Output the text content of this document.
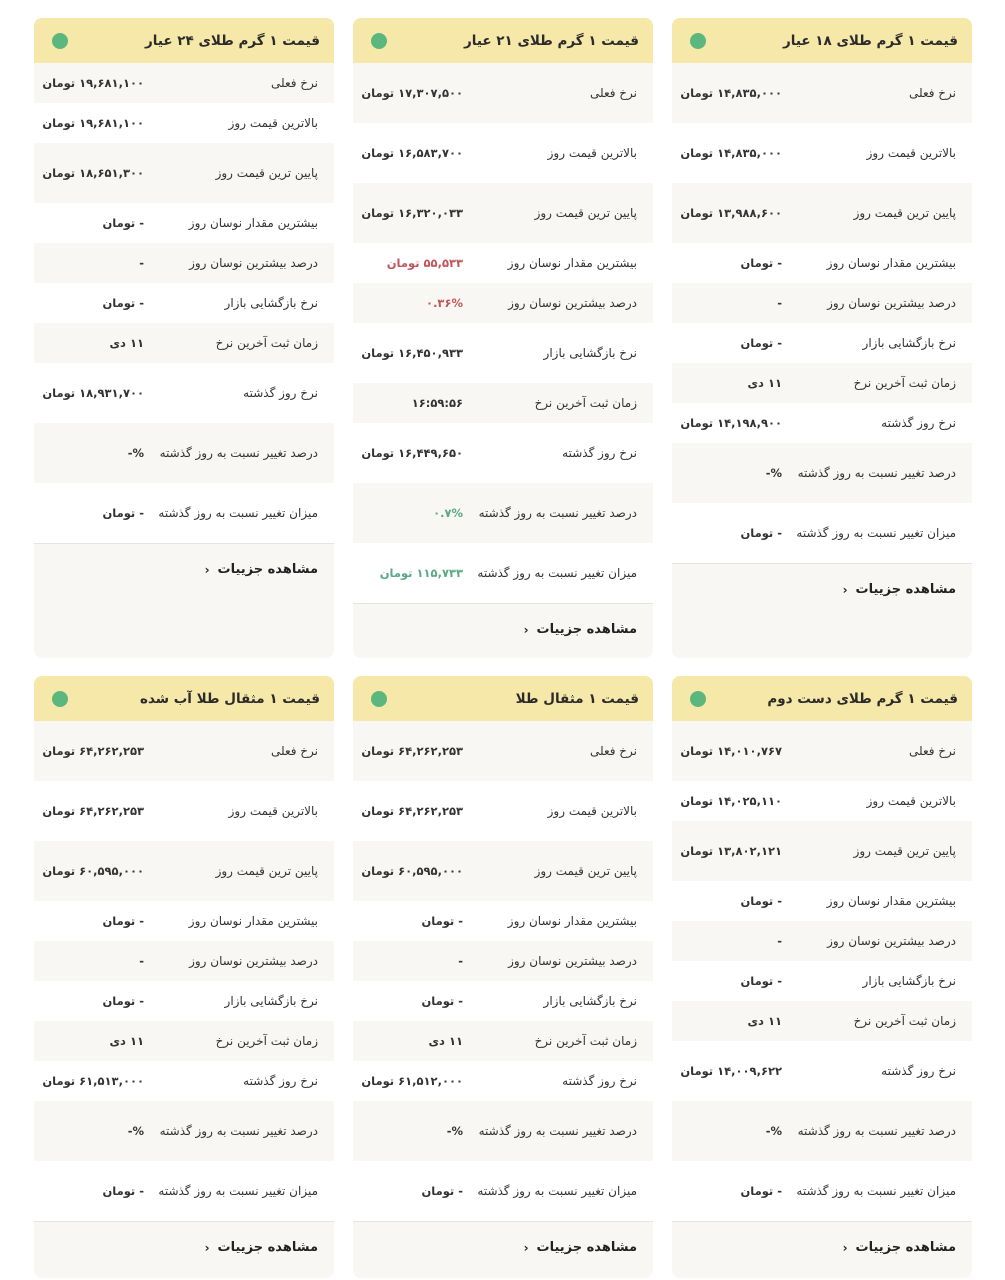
قیمت ۱ گرم طلای ۱۸ عیار
نرخ فعلی
۱۴,۸۳۵,۰۰۰ تومان
بالاترین قیمت روز
۱۴,۸۳۵,۰۰۰ تومان
پایین ترین قیمت روز
۱۳,۹۸۸,۶۰۰ تومان
بیشترین مقدار نوسان روز
- تومان
درصد بیشترین نوسان روز
-
نرخ بازگشایی بازار
- تومان
زمان ثبت آخرین نرخ
۱۱ دی
نرخ روز گذشته
۱۴,۱۹۸,۹۰۰ تومان
درصد تغییر نسبت به روز گذشته
%-
میزان تغییر نسبت به روز گذشته
- تومان
مشاهده جزییات
‹
قیمت ۱ گرم طلای ۲۱ عیار
نرخ فعلی
۱۷,۳۰۷,۵۰۰ تومان
بالاترین قیمت روز
۱۶,۵۸۳,۷۰۰ تومان
پایین ترین قیمت روز
۱۶,۳۲۰,۰۳۳ تومان
بیشترین مقدار نوسان روز
۵۵,۵۳۳ تومان
درصد بیشترین نوسان روز
۰.۳۶%
نرخ بازگشایی بازار
۱۶,۴۵۰,۹۳۳ تومان
زمان ثبت آخرین نرخ
۱۶:۵۹:۵۶
نرخ روز گذشته
۱۶,۴۴۹,۶۵۰ تومان
درصد تغییر نسبت به روز گذشته
۰.۷%
میزان تغییر نسبت به روز گذشته
۱۱۵,۷۳۳ تومان
مشاهده جزییات
‹
قیمت ۱ گرم طلای ۲۴ عیار
نرخ فعلی
۱۹,۶۸۱,۱۰۰ تومان
بالاترین قیمت روز
۱۹,۶۸۱,۱۰۰ تومان
پایین ترین قیمت روز
۱۸,۶۵۱,۳۰۰ تومان
بیشترین مقدار نوسان روز
- تومان
درصد بیشترین نوسان روز
-
نرخ بازگشایی بازار
- تومان
زمان ثبت آخرین نرخ
۱۱ دی
نرخ روز گذشته
۱۸,۹۳۱,۷۰۰ تومان
درصد تغییر نسبت به روز گذشته
%-
میزان تغییر نسبت به روز گذشته
- تومان
مشاهده جزییات
‹
قیمت ۱ گرم طلای دست دوم
نرخ فعلی
۱۴,۰۱۰,۷۶۷ تومان
بالاترین قیمت روز
۱۴,۰۲۵,۱۱۰ تومان
پایین ترین قیمت روز
۱۳,۸۰۲,۱۲۱ تومان
بیشترین مقدار نوسان روز
- تومان
درصد بیشترین نوسان روز
-
نرخ بازگشایی بازار
- تومان
زمان ثبت آخرین نرخ
۱۱ دی
نرخ روز گذشته
۱۴,۰۰۹,۶۲۲ تومان
درصد تغییر نسبت به روز گذشته
%-
میزان تغییر نسبت به روز گذشته
- تومان
مشاهده جزییات
‹
قیمت ۱ مثقال طلا
نرخ فعلی
۶۴,۲۶۲,۲۵۳ تومان
بالاترین قیمت روز
۶۴,۲۶۲,۲۵۳ تومان
پایین ترین قیمت روز
۶۰,۵۹۵,۰۰۰ تومان
بیشترین مقدار نوسان روز
- تومان
درصد بیشترین نوسان روز
-
نرخ بازگشایی بازار
- تومان
زمان ثبت آخرین نرخ
۱۱ دی
نرخ روز گذشته
۶۱,۵۱۲,۰۰۰ تومان
درصد تغییر نسبت به روز گذشته
%-
میزان تغییر نسبت به روز گذشته
- تومان
مشاهده جزییات
‹
قیمت ۱ مثقال طلا آب شده
نرخ فعلی
۶۴,۲۶۲,۲۵۳ تومان
بالاترین قیمت روز
۶۴,۲۶۲,۲۵۳ تومان
پایین ترین قیمت روز
۶۰,۵۹۵,۰۰۰ تومان
بیشترین مقدار نوسان روز
- تومان
درصد بیشترین نوسان روز
-
نرخ بازگشایی بازار
- تومان
زمان ثبت آخرین نرخ
۱۱ دی
نرخ روز گذشته
۶۱,۵۱۳,۰۰۰ تومان
درصد تغییر نسبت به روز گذشته
%-
میزان تغییر نسبت به روز گذشته
- تومان
مشاهده جزییات
‹
